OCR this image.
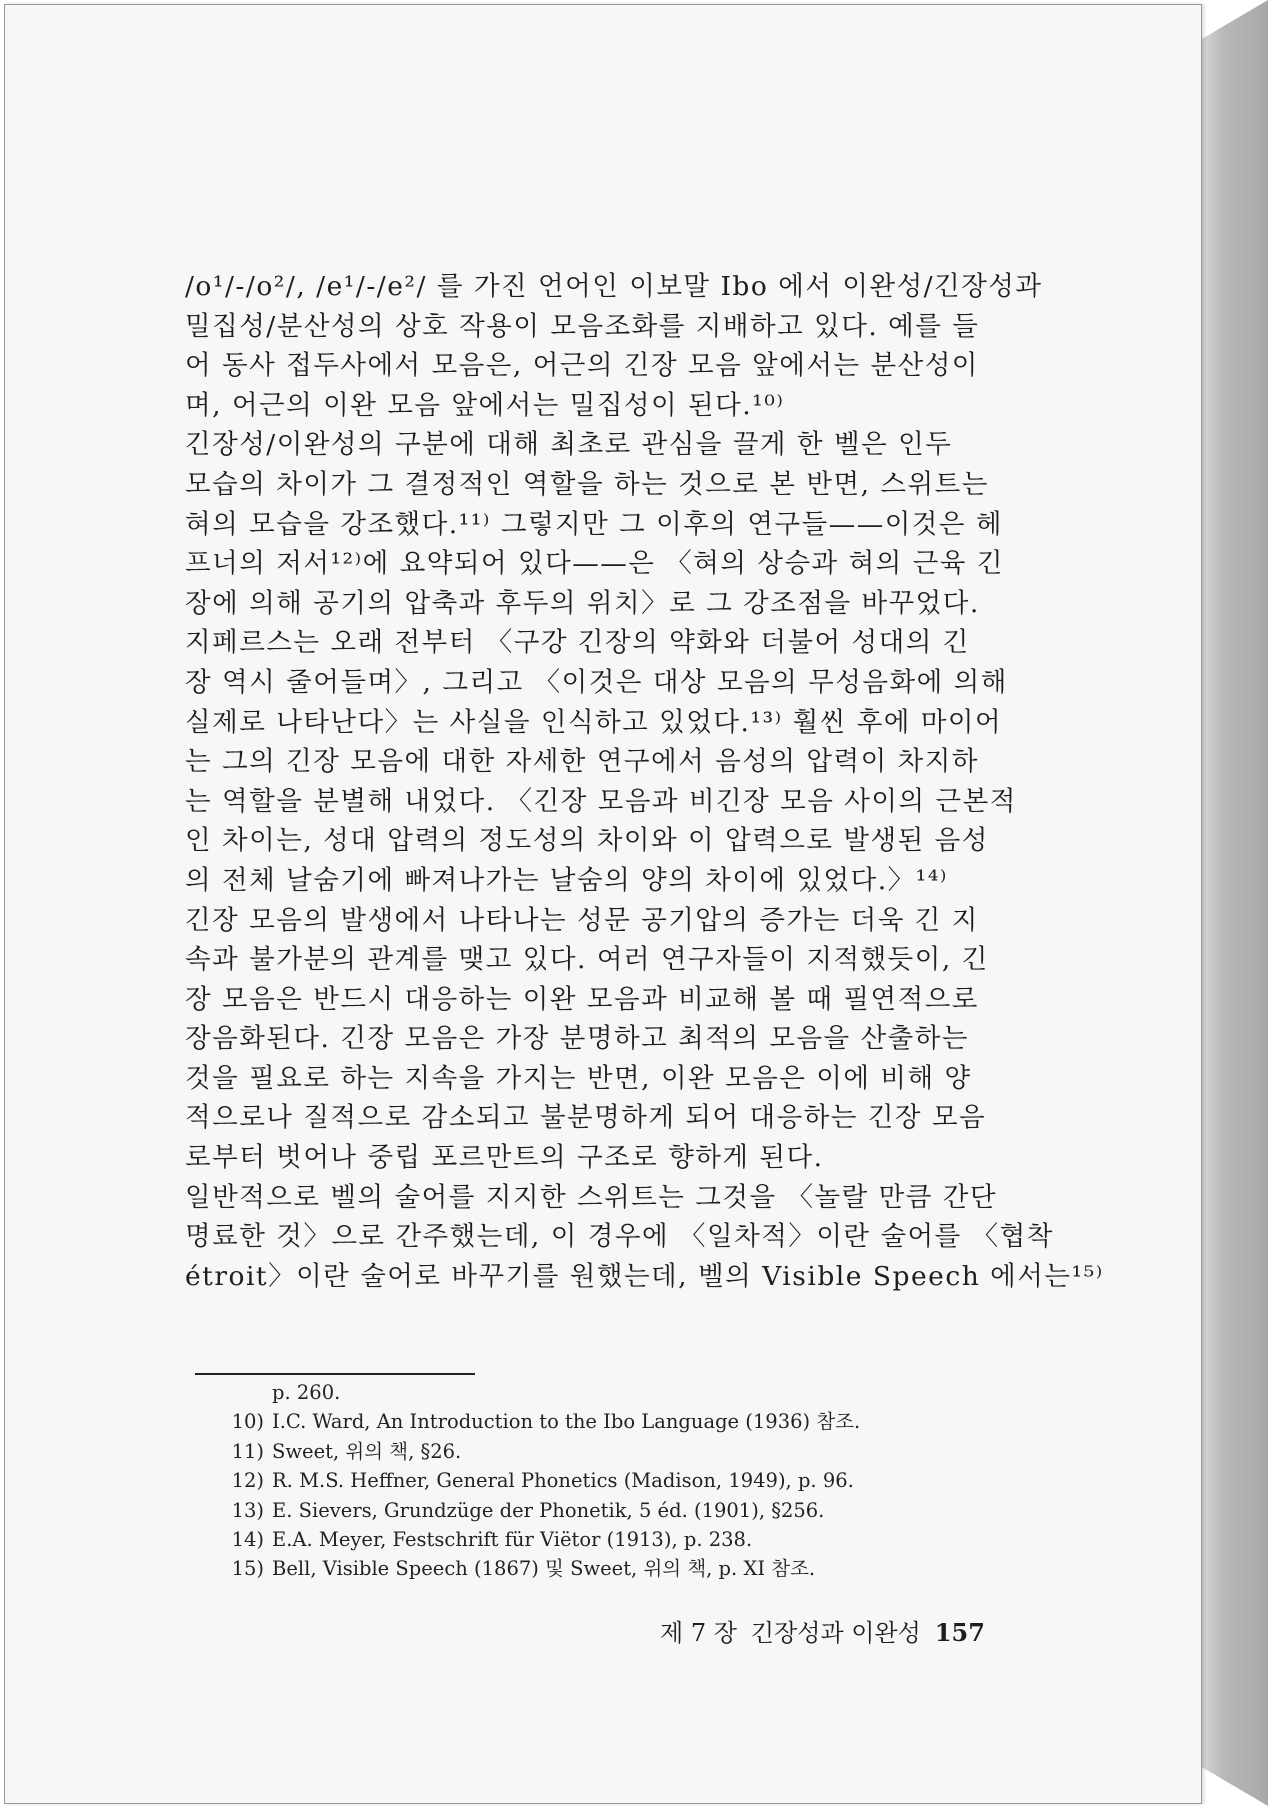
/o¹/-/o²/, /e¹/-/e²/ 를 가진 언어인 이보말 Ibo 에서 이완성/긴장성과
밀집성/분산성의 상호 작용이 모음조화를 지배하고 있다. 예를 들
어 동사 접두사에서 모음은, 어근의 긴장 모음 앞에서는 분산성이
며, 어근의 이완 모음 앞에서는 밀집성이 된다.¹⁰⁾
긴장성/이완성의 구분에 대해 최초로 관심을 끌게 한 벨은 인두
모습의 차이가 그 결정적인 역할을 하는 것으로 본 반면, 스위트는
혀의 모습을 강조했다.¹¹⁾ 그렇지만 그 이후의 연구들——이것은 헤
프너의 저서¹²⁾에 요약되어 있다——은 〈혀의 상승과 혀의 근육 긴
장에 의해 공기의 압축과 후두의 위치〉로 그 강조점을 바꾸었다.
지페르스는 오래 전부터 〈구강 긴장의 약화와 더불어 성대의 긴
장 역시 줄어들며〉, 그리고 〈이것은 대상 모음의 무성음화에 의해
실제로 나타난다〉는 사실을 인식하고 있었다.¹³⁾ 훨씬 후에 마이어
는 그의 긴장 모음에 대한 자세한 연구에서 음성의 압력이 차지하
는 역할을 분별해 내었다. 〈긴장 모음과 비긴장 모음 사이의 근본적
인 차이는, 성대 압력의 정도성의 차이와 이 압력으로 발생된 음성
의 전체 날숨기에 빠져나가는 날숨의 양의 차이에 있었다.〉¹⁴⁾
긴장 모음의 발생에서 나타나는 성문 공기압의 증가는 더욱 긴 지
속과 불가분의 관계를 맺고 있다. 여러 연구자들이 지적했듯이, 긴
장 모음은 반드시 대응하는 이완 모음과 비교해 볼 때 필연적으로
장음화된다. 긴장 모음은 가장 분명하고 최적의 모음을 산출하는
것을 필요로 하는 지속을 가지는 반면, 이완 모음은 이에 비해 양
적으로나 질적으로 감소되고 불분명하게 되어 대응하는 긴장 모음
로부터 벗어나 중립 포르만트의 구조로 향하게 된다.
일반적으로 벨의 술어를 지지한 스위트는 그것을 〈놀랄 만큼 간단
명료한 것〉으로 간주했는데, 이 경우에 〈일차적〉이란 술어를 〈협착
étroit〉이란 술어로 바꾸기를 원했는데, 벨의 Visible Speech 에서는¹⁵⁾
p. 260.
10) I.C. Ward, An Introduction to the Ibo Language (1936) 참조.
11) Sweet, 위의 책, §26.
12) R. M.S. Heffner, General Phonetics (Madison, 1949), p. 96.
13) E. Sievers, Grundzüge der Phonetik, 5 éd. (1901), §256.
14) E.A. Meyer, Festschrift für Viëtor (1913), p. 238.
15) Bell, Visible Speech (1867) 및 Sweet, 위의 책, p. XI 참조.
제 7 장 긴장성과 이완성 157
